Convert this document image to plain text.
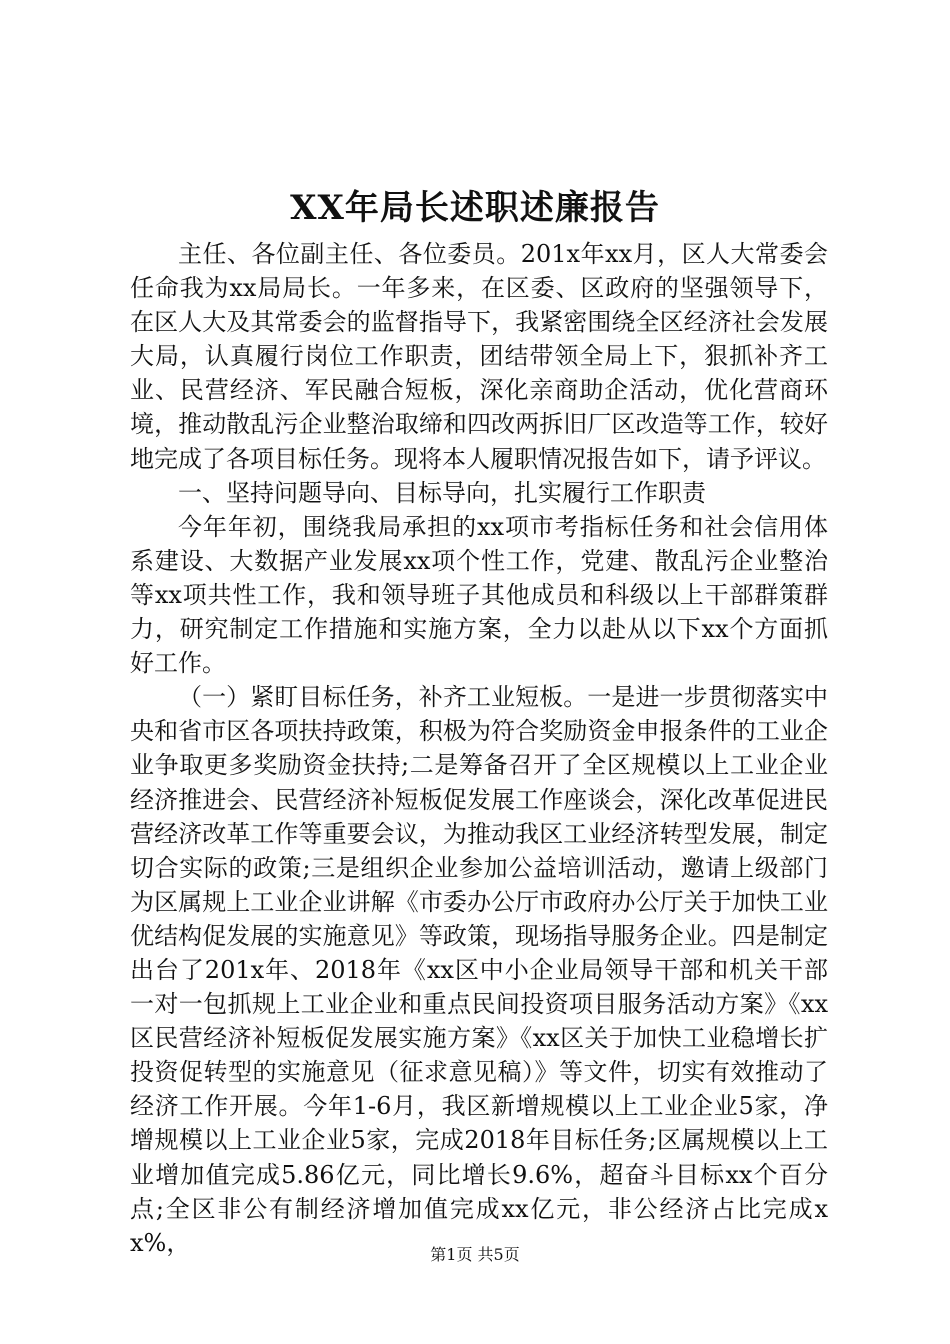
XX年局长述职述廉报告

主任、各位副主任、各位委员。201x年xx月，区人大常委会任命我为xx局局长。一年多来，在区委、区政府的坚强领导下，在区人大及其常委会的监督指导下，我紧密围绕全区经济社会发展大局，认真履行岗位工作职责，团结带领全局上下，狠抓补齐工业、民营经济、军民融合短板，深化亲商助企活动，优化营商环境，推动散乱污企业整治取缔和四改两拆旧厂区改造等工作，较好地完成了各项目标任务。现将本人履职情况报告如下，请予评议。

一、坚持问题导向、目标导向，扎实履行工作职责

今年年初，围绕我局承担的xx项市考指标任务和社会信用体系建设、大数据产业发展xx项个性工作，党建、散乱污企业整治等xx项共性工作，我和领导班子其他成员和科级以上干部群策群力，研究制定工作措施和实施方案，全力以赴从以下xx个方面抓好工作。

（一）紧盯目标任务，补齐工业短板。一是进一步贯彻落实中央和省市区各项扶持政策，积极为符合奖励资金申报条件的工业企业争取更多奖励资金扶持;二是筹备召开了全区规模以上工业企业经济推进会、民营经济补短板促发展工作座谈会，深化改革促进民营经济改革工作等重要会议，为推动我区工业经济转型发展，制定切合实际的政策;三是组织企业参加公益培训活动，邀请上级部门为区属规上工业企业讲解《市委办公厅市政府办公厅关于加快工业优结构促发展的实施意见》等政策，现场指导服务企业。四是制定出台了201x年、2018年《xx区中小企业局领导干部和机关干部一对一包抓规上工业企业和重点民间投资项目服务活动方案》《xx区民营经济补短板促发展实施方案》《xx区关于加快工业稳增长扩投资促转型的实施意见（征求意见稿）》等文件，切实有效推动了经济工作开展。今年1-6月，我区新增规模以上工业企业5家，净增规模以上工业企业5家，完成2018年目标任务;区属规模以上工业增加值完成5.86亿元，同比增长9.6%，超奋斗目标xx个百分点;全区非公有制经济增加值完成xx亿元，非公经济占比完成xx%，	第1页 共5页
